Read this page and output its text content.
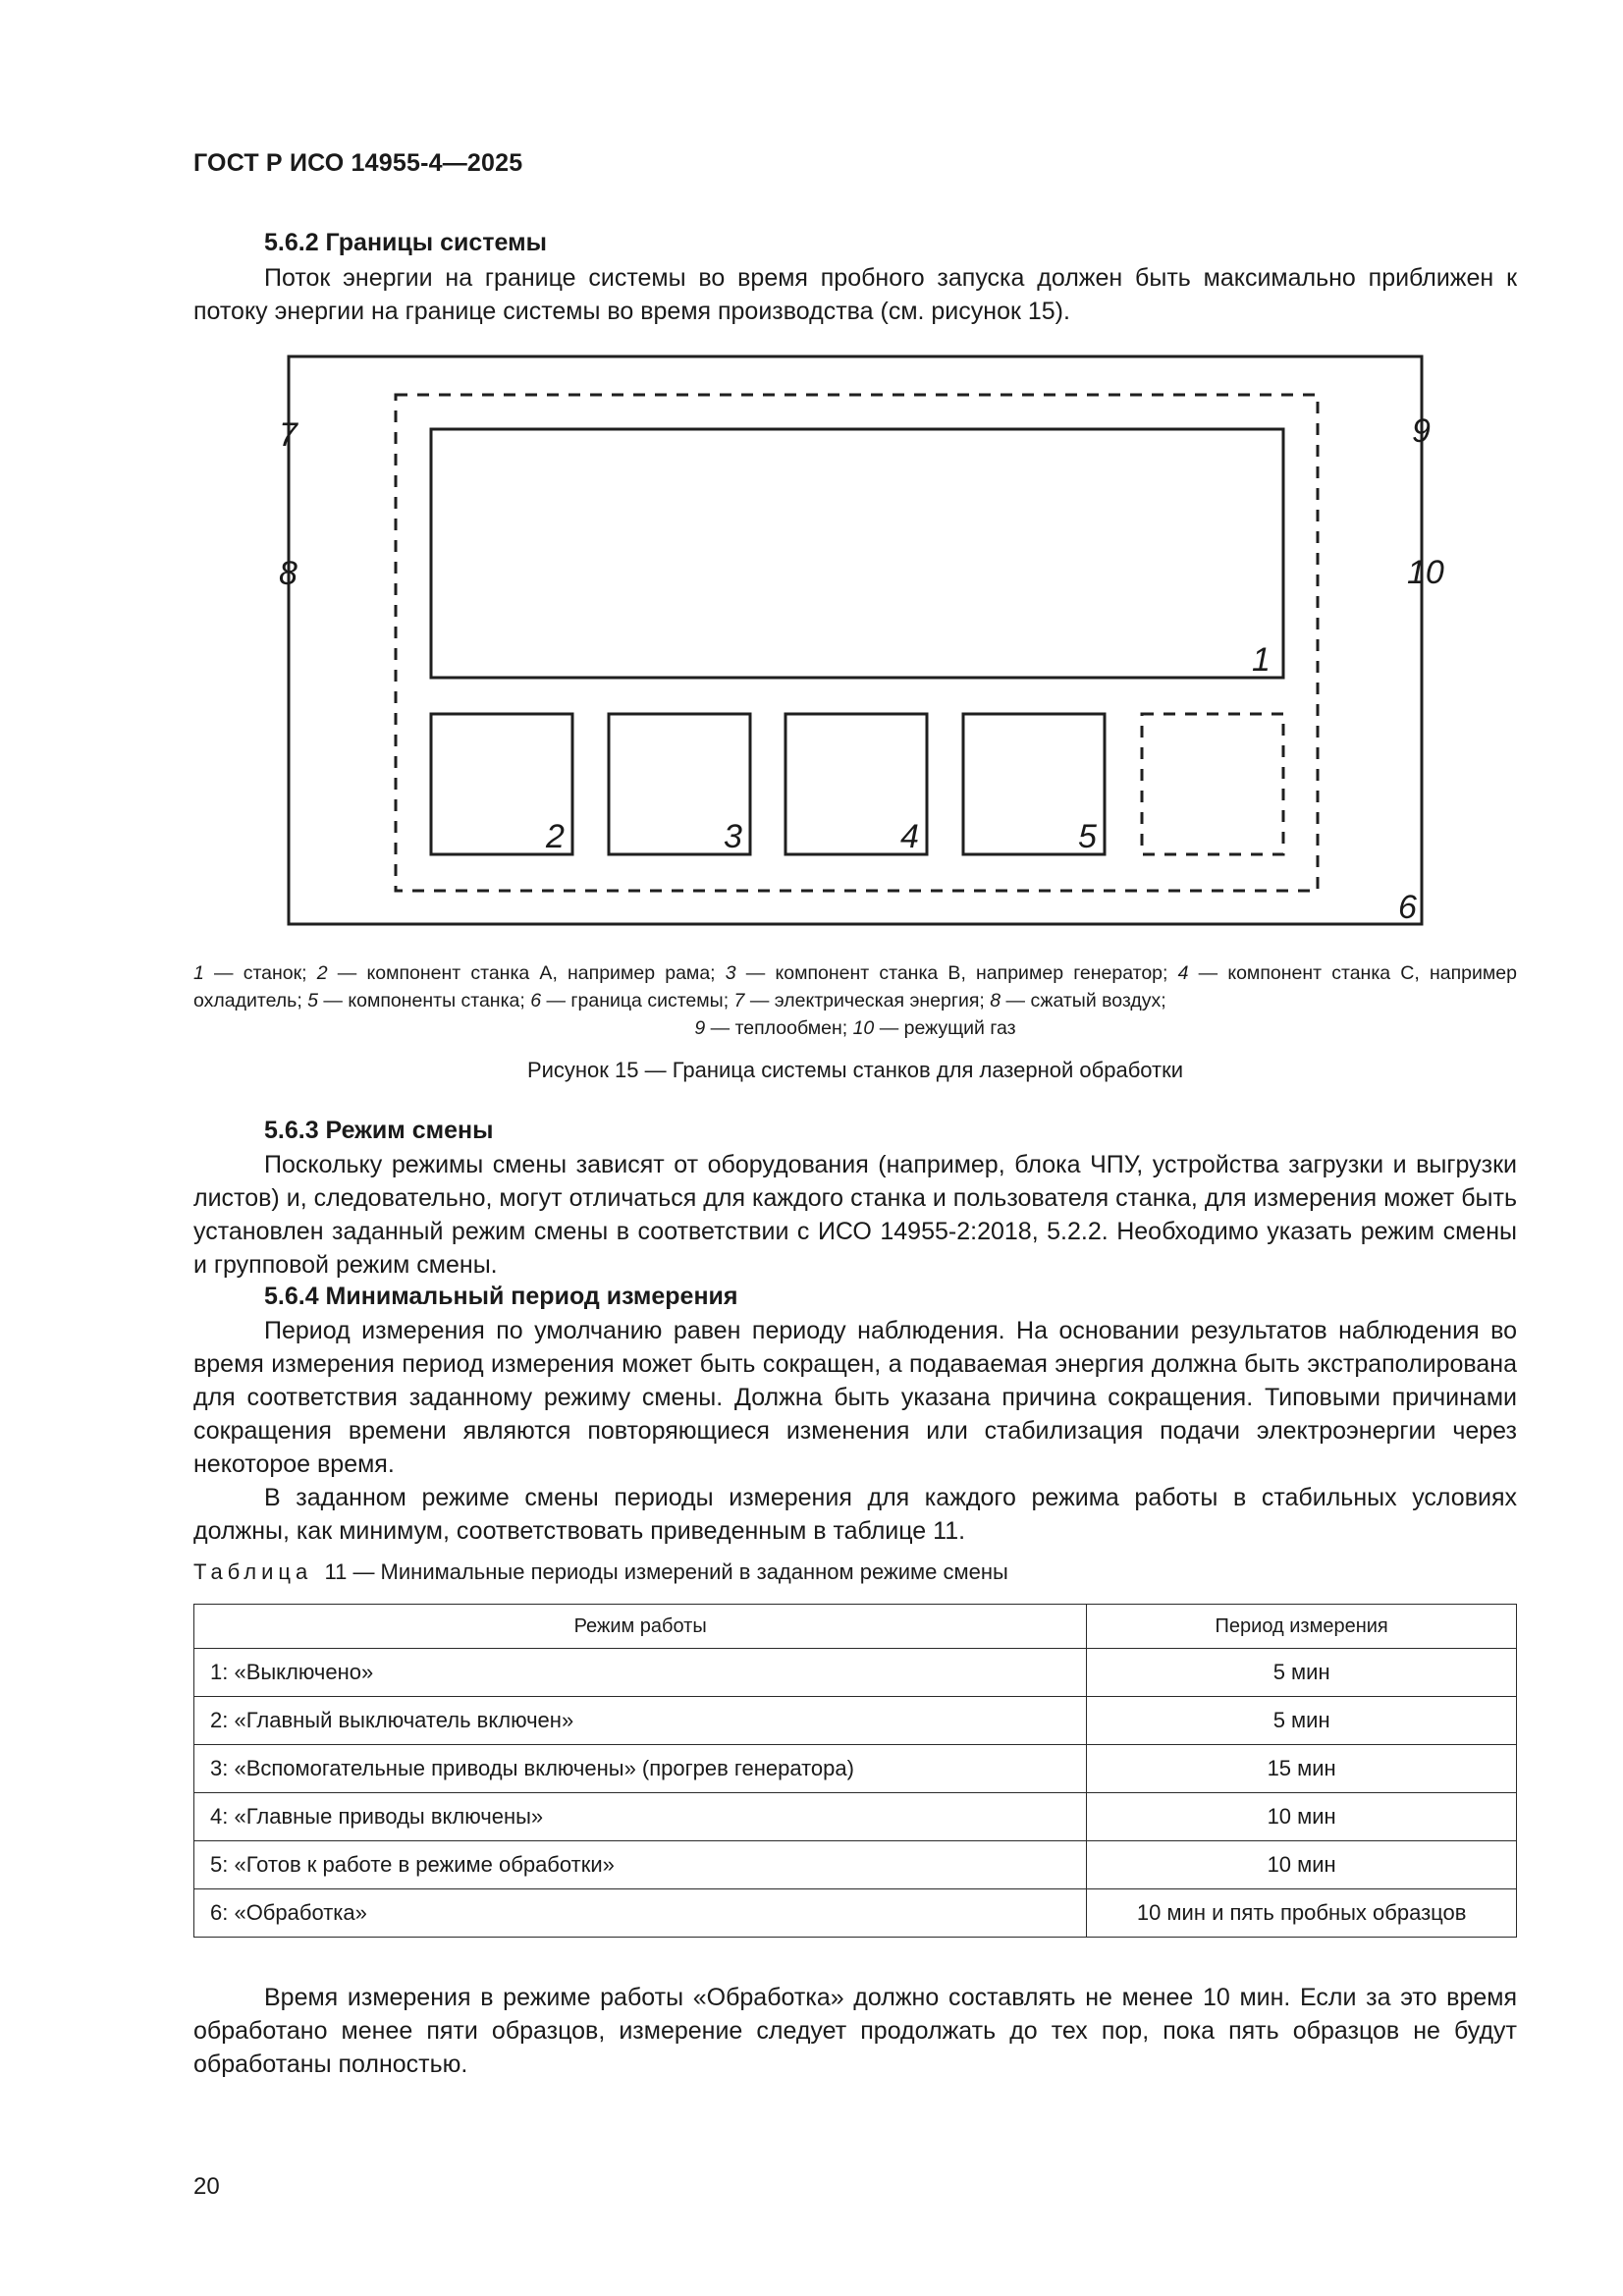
ГОСТ Р ИСО 14955-4—2025
5.6.2 Границы системы
Поток энергии на границе системы во время пробного запуска должен быть максимально приближен к потоку энергии на границе системы во время производства (см. рисунок 15).
1
2	3	4	5
6
7
8
9
10
1 — станок; 2 — компонент станка А, например рама; 3 — компонент станка В, например генератор; 4 — компонент станка С, например охладитель; 5 — компоненты станка; 6 — граница системы; 7 — электрическая энергия; 8 — сжатый воздух;
9 — теплообмен; 10 — режущий газ
Рисунок 15 — Граница системы станков для лазерной обработки
5.6.3 Режим смены
Поскольку режимы смены зависят от оборудования (например, блока ЧПУ, устройства загрузки и выгрузки листов) и, следовательно, могут отличаться для каждого станка и пользователя станка, для измерения может быть установлен заданный режим смены в соответствии с ИСО 14955-2:2018, 5.2.2. Необходимо указать режим смены и групповой режим смены.
5.6.4 Минимальный период измерения
Период измерения по умолчанию равен периоду наблюдения. На основании результатов наблюдения во время измерения период измерения может быть сокращен, а подаваемая энергия должна быть экстраполирована для соответствия заданному режиму смены. Должна быть указана причина сокращения. Типовыми причинами сокращения времени являются повторяющиеся изменения или стабилизация подачи электроэнергии через некоторое время.
В заданном режиме смены периоды измерения для каждого режима работы в стабильных условиях должны, как минимум, соответствовать приведенным в таблице 11.
Таблица  11 — Минимальные периоды измерений в заданном режиме смены
Режим работы	Период измерения
1: «Выключено»	5 мин
2: «Главный выключатель включен»	5 мин
3: «Вспомогательные приводы включены» (прогрев генератора)	15 мин
4: «Главные приводы включены»	10 мин
5: «Готов к работе в режиме обработки»	10 мин
6: «Обработка»	10 мин и пять пробных образцов
Время измерения в режиме работы «Обработка» должно составлять не менее 10 мин. Если за это время обработано менее пяти образцов, измерение следует продолжать до тех пор, пока пять образцов не будут обработаны полностью.
20
